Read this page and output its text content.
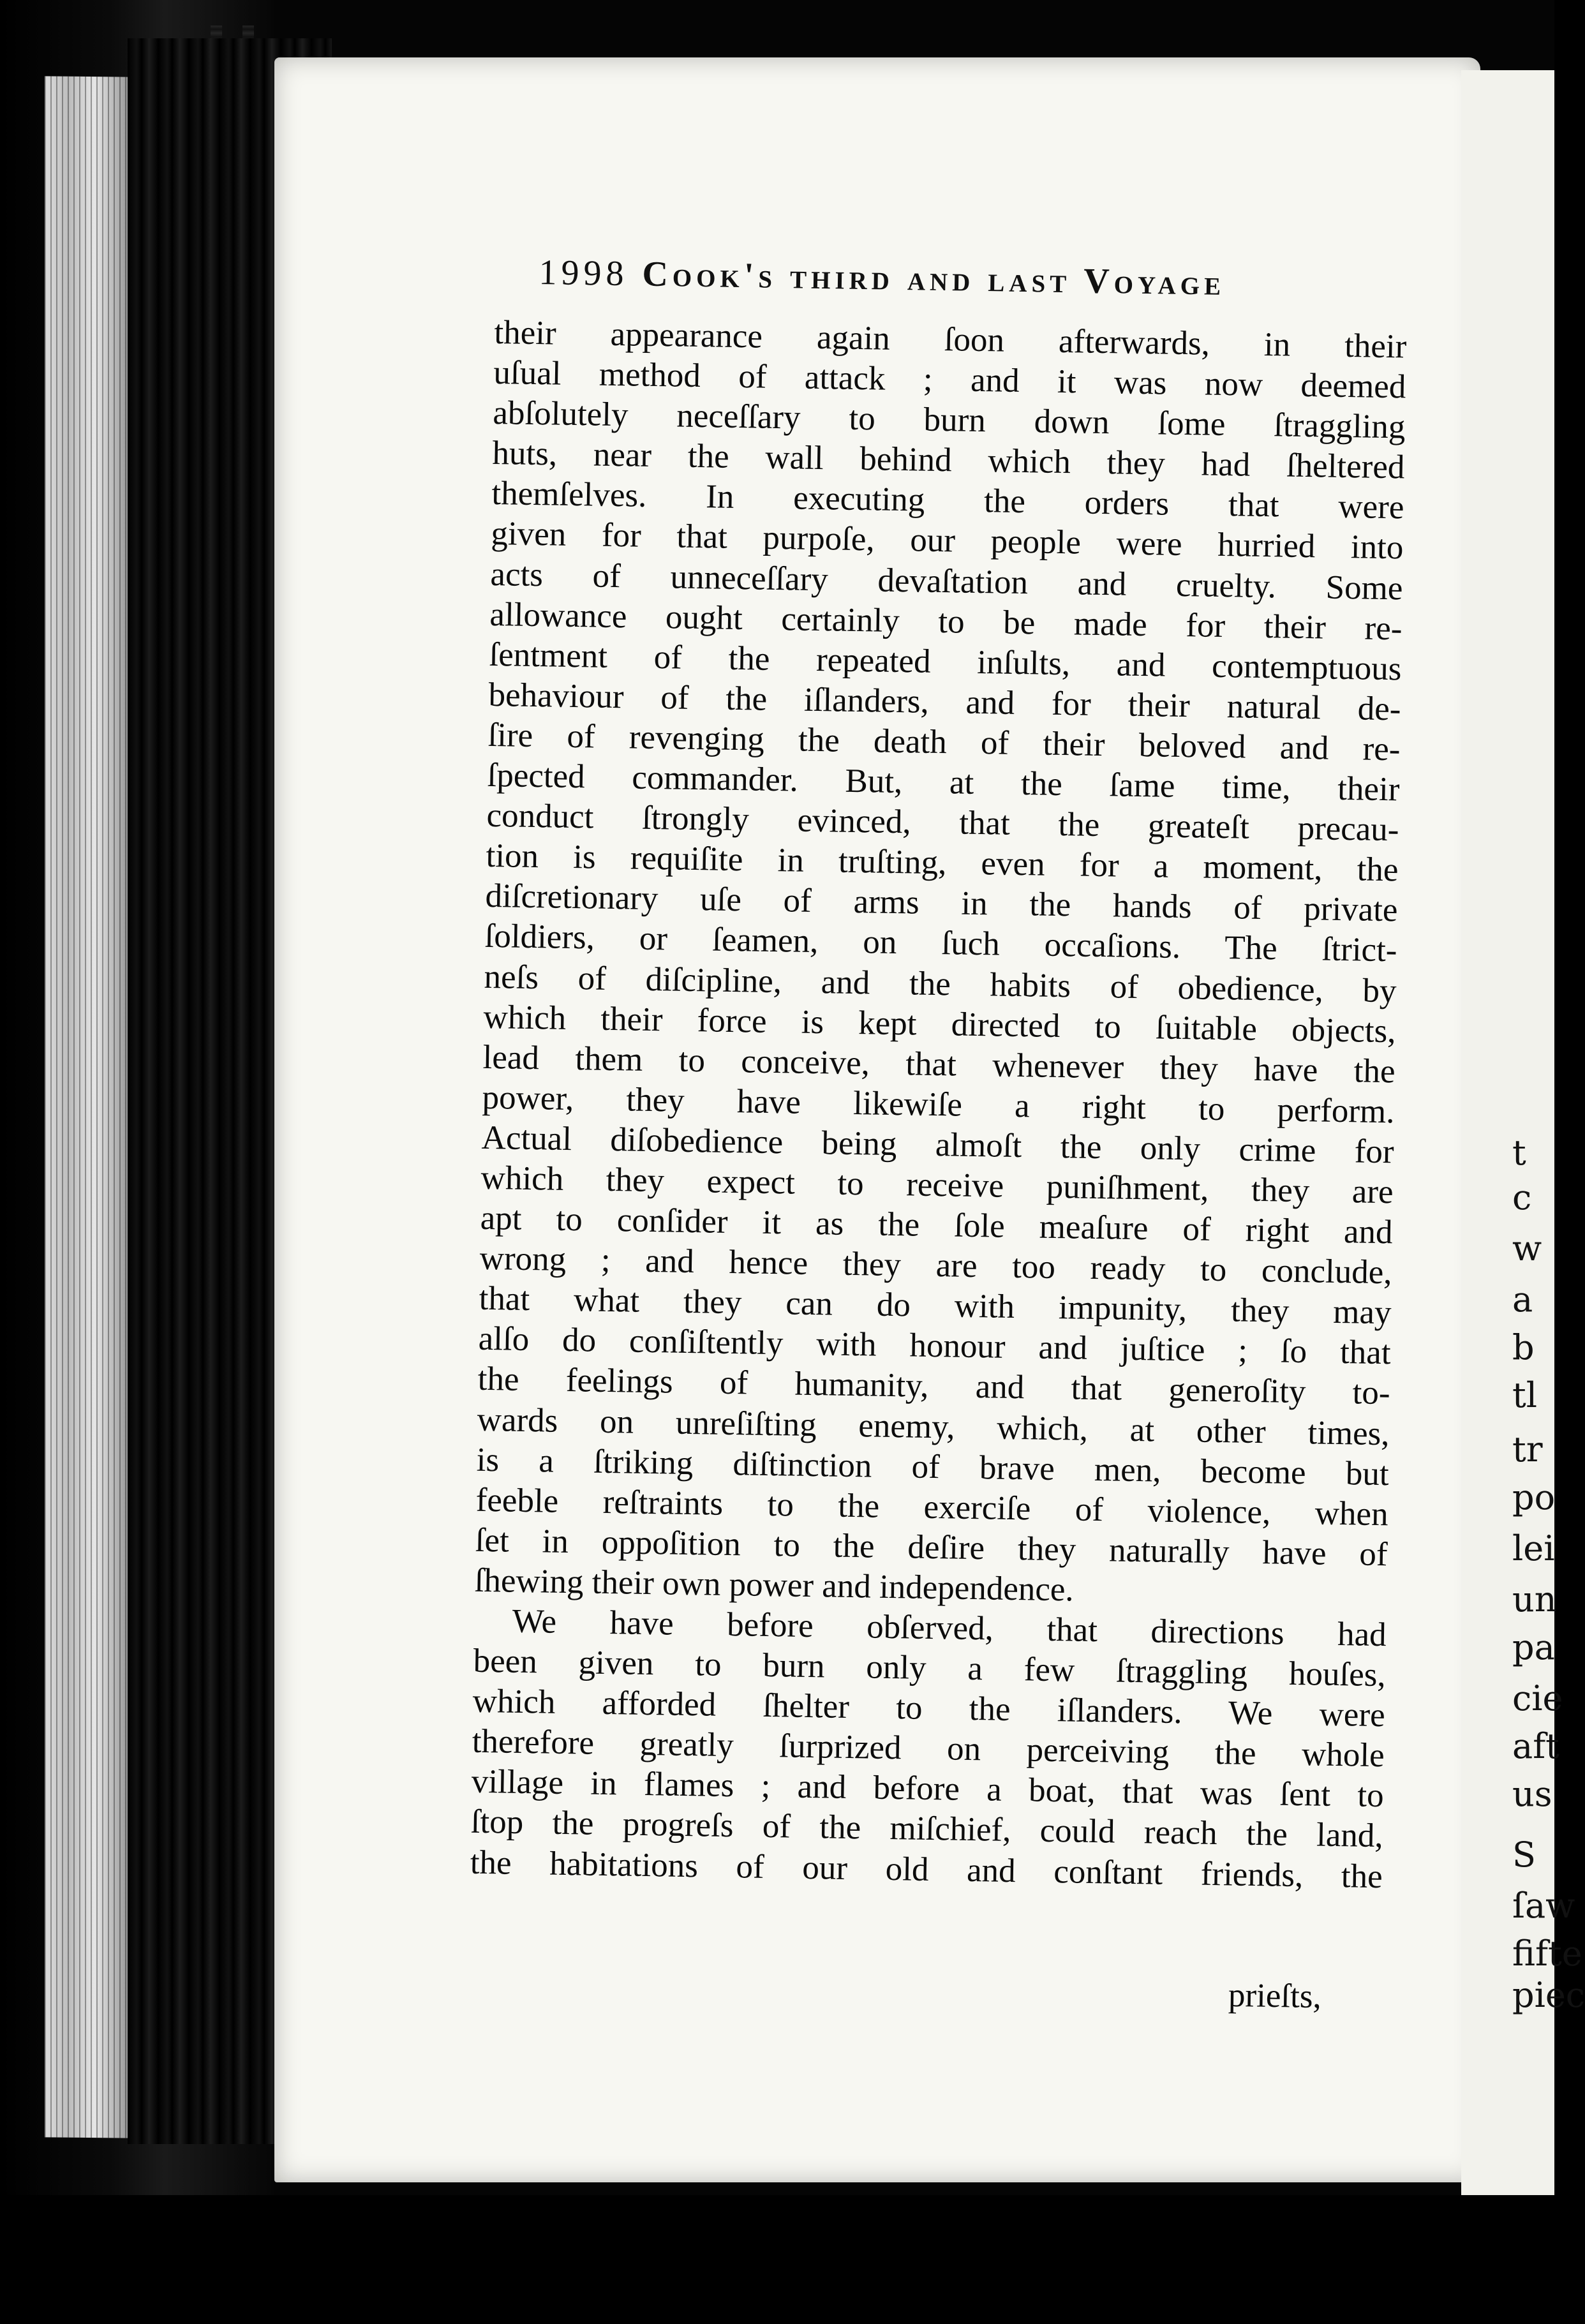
t
c
w
a
b
tl
tr
po
lei
un
pa
cie
aft
us
S
ſaw
fifte
piec
1998 Cook's third and last Voyage
their appearance again ſoon afterwards, in their
uſual method of attack ; and it was now deemed
abſolutely neceſſary to burn down ſome ſtraggling
huts, near the wall behind which they had ſheltered
themſelves. In executing the orders that were
given for that purpoſe, our people were hurried into
acts of unneceſſary devaſtation and cruelty. Some
allowance ought certainly to be made for their re-
ſentment of the repeated inſults, and contemptuous
behaviour of the iſlanders, and for their natural de-
ſire of revenging the death of their beloved and re-
ſpected commander. But, at the ſame time, their
conduct ſtrongly evinced, that the greateſt precau-
tion is requiſite in truſting, even for a moment, the
diſcretionary uſe of arms in the hands of private
ſoldiers, or ſeamen, on ſuch occaſions. The ſtrict-
neſs of diſcipline, and the habits of obedience, by
which their force is kept directed to ſuitable objects,
lead them to conceive, that whenever they have the
power, they have likewiſe a right to perform.
Actual diſobedience being almoſt the only crime for
which they expect to receive puniſhment, they are
apt to conſider it as the ſole meaſure of right and
wrong ; and hence they are too ready to conclude,
that what they can do with impunity, they may
alſo do conſiſtently with honour and juſtice ; ſo that
the feelings of humanity, and that generoſity to-
wards on unreſiſting enemy, which, at other times,
is a ſtriking diſtinction of brave men, become but
feeble reſtraints to the exerciſe of violence, when
ſet in oppoſition to the deſire they naturally have of
ſhewing their own power and independence.
We have before obſerved, that directions had
been given to burn only a few ſtraggling houſes,
which afforded ſhelter to the iſlanders. We were
therefore greatly ſurprized on perceiving the whole
village in flames ; and before a boat, that was ſent to
ſtop the progreſs of the miſchief, could reach the land,
the habitations of our old and conſtant friends, the
prieſts,
